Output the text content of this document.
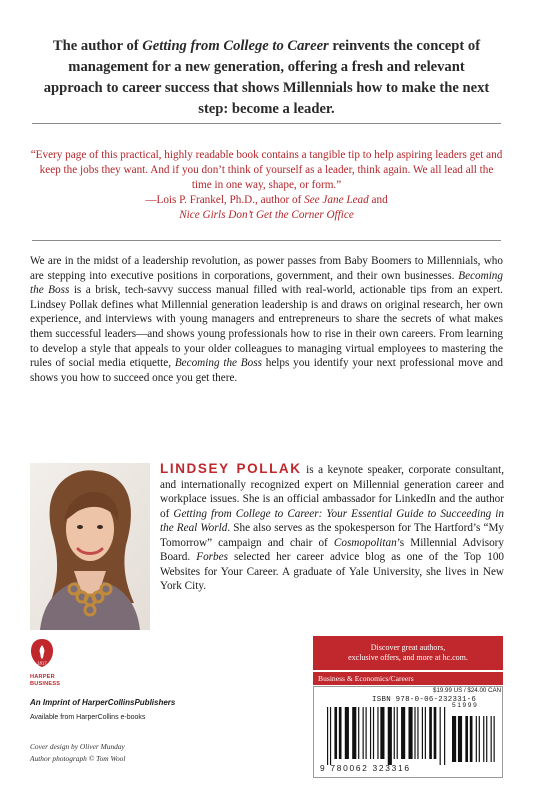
The author of Getting from College to Career reinvents the concept of management for a new generation, offering a fresh and relevant approach to career success that shows Millennials how to make the next step: become a leader.
“Every page of this practical, highly readable book contains a tangible tip to help aspiring leaders get and keep the jobs they want. And if you don’t think of yourself as a leader, think again. We all lead all the time in one way, shape, or form.”
—Lois P. Frankel, Ph.D., author of See Jane Lead and
Nice Girls Don’t Get the Corner Office
We are in the midst of a leadership revolution, as power passes from Baby Boomers to Millennials, who are stepping into executive positions in corporations, government, and their own businesses. Becoming the Boss is a brisk, tech-savvy success manual filled with real-world, actionable tips from an expert. Lindsey Pollak defines what Millennial generation leadership is and draws on original research, her own experience, and interviews with young managers and entrepreneurs to share the secrets of what makes them successful leaders—and shows young professionals how to rise in their own careers. From learning to develop a style that appeals to your older colleagues to managing virtual employees to mastering the rules of social media etiquette, Becoming the Boss helps you identify your next professional move and shows you how to succeed once you get there.
LINDSEY POLLAK is a keynote speaker, corporate consultant, and internationally recognized expert on Millennial generation career and workplace issues. She is an official ambassador for LinkedIn and the author of Getting from College to Career: Your Essential Guide to Succeeding in the Real World. She also serves as the spokesperson for The Hartford’s “My Tomorrow” campaign and chair of Cosmopolitan’s Millennial Advisory Board. Forbes selected her career advice blog as one of the Top 100 Websites for Your Career. A graduate of Yale University, she lives in New York City.
1817
HARPER
BUSINESS
An Imprint of HarperCollinsPublishers
Available from HarperCollins e-books
Cover design by Oliver Munday
Author photograph © Tom Wool
Discover great authors,
exclusive offers, and more at hc.com.
Business & Economics/Careers
$19.99 US / $24.00 CAN
ISBN 978-0-06-232331-6
51999
9 780062 323316
